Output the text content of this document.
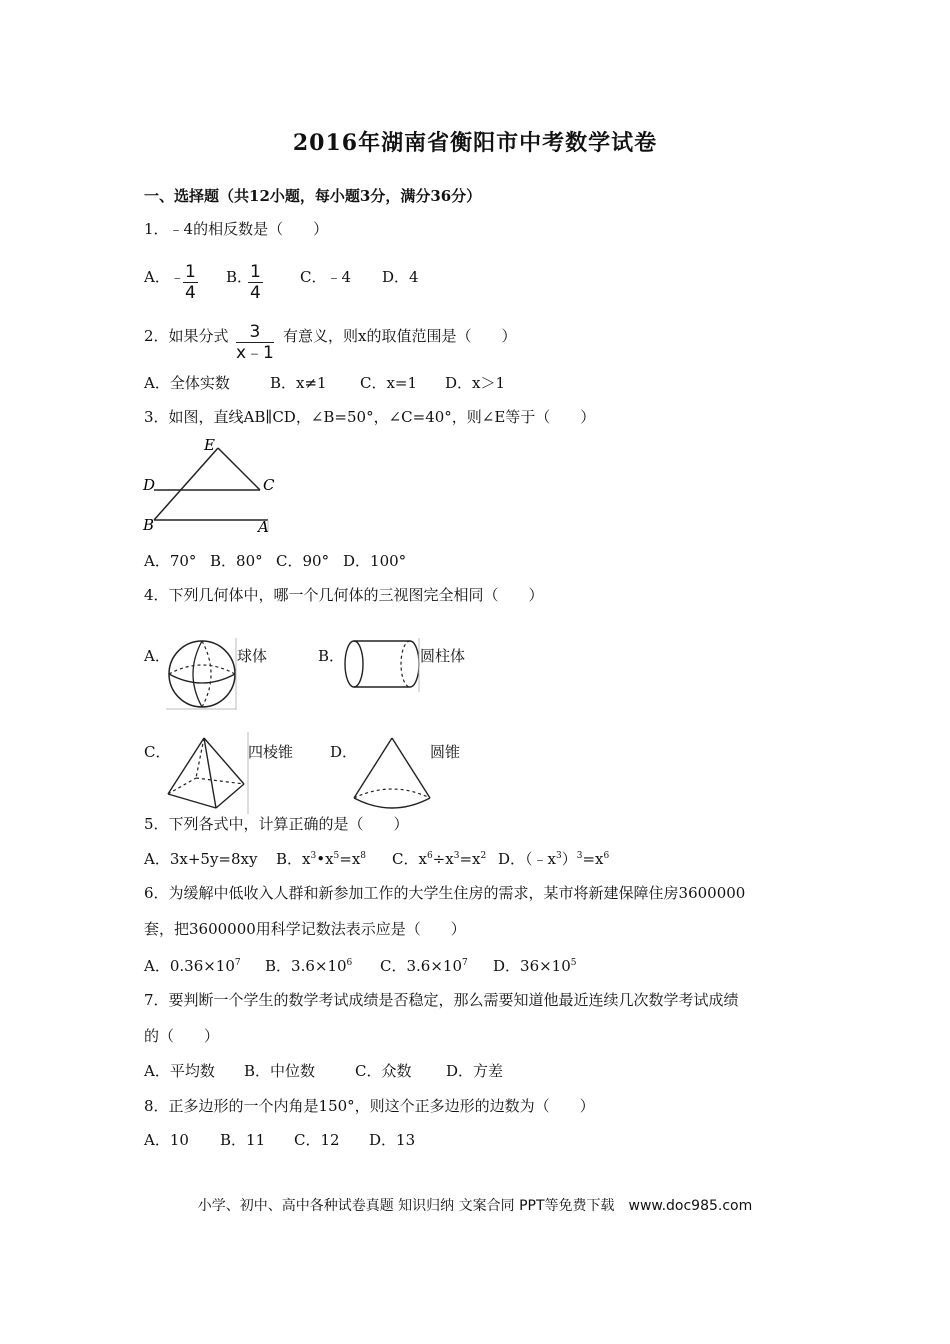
2016年湖南省衡阳市中考数学试卷
一、选择题（共12小题，每小题3分，满分36分）
1．﹣4的相反数是（　　）
A．﹣
$\frac{1}{4}$ B．
$\frac{1}{4}$ C．﹣4 D．4
2．如果分式 $\frac{3}{x﹣1}$ 有意义，则x的取值范围是（　　）
A．全体实数	B．x≠1 C．x=1 D．x＞1
3．如图，直线AB∥CD，∠B=50°，∠C=40°，则∠E等于（　　）
E
D	C
B	A
A．70° B．80° C．90° D．100°
4．下列几何体中，哪一个几何体的三视图完全相同（　　）
A．	球体	B．	圆柱体
C．	四棱锥 D．	圆锥
5．下列各式中，计算正确的是（　　）
A．3x+5y=8xy B．$x^3•x^5=x^8$ C．$x^6\div x^3=x^2$ D．$(﹣x^3)^3=x^6$
6．为缓解中低收入人群和新参加工作的大学生住房的需求，某市将新建保障住房3600000
套，把3600000用科学记数法表示应是（　　）
A．$0.36\times 10^7$ B．$3.6\times 10^6$ C．$3.6\times 10^7$ D．$36\times 10^5$
7．要判断一个学生的数学考试成绩是否稳定，那么需要知道他最近连续几次数学考试成绩
的（　　）
A．平均数 B．中位数	C．众数 D．方差
8．正多边形的一个内角是150°，则这个正多边形的边数为（　　）
A．10 B．11 C．12 D．13
小学、初中、高中各种试卷真题 知识归纳 文案合同 PPT等免费下载　www.doc985.com
